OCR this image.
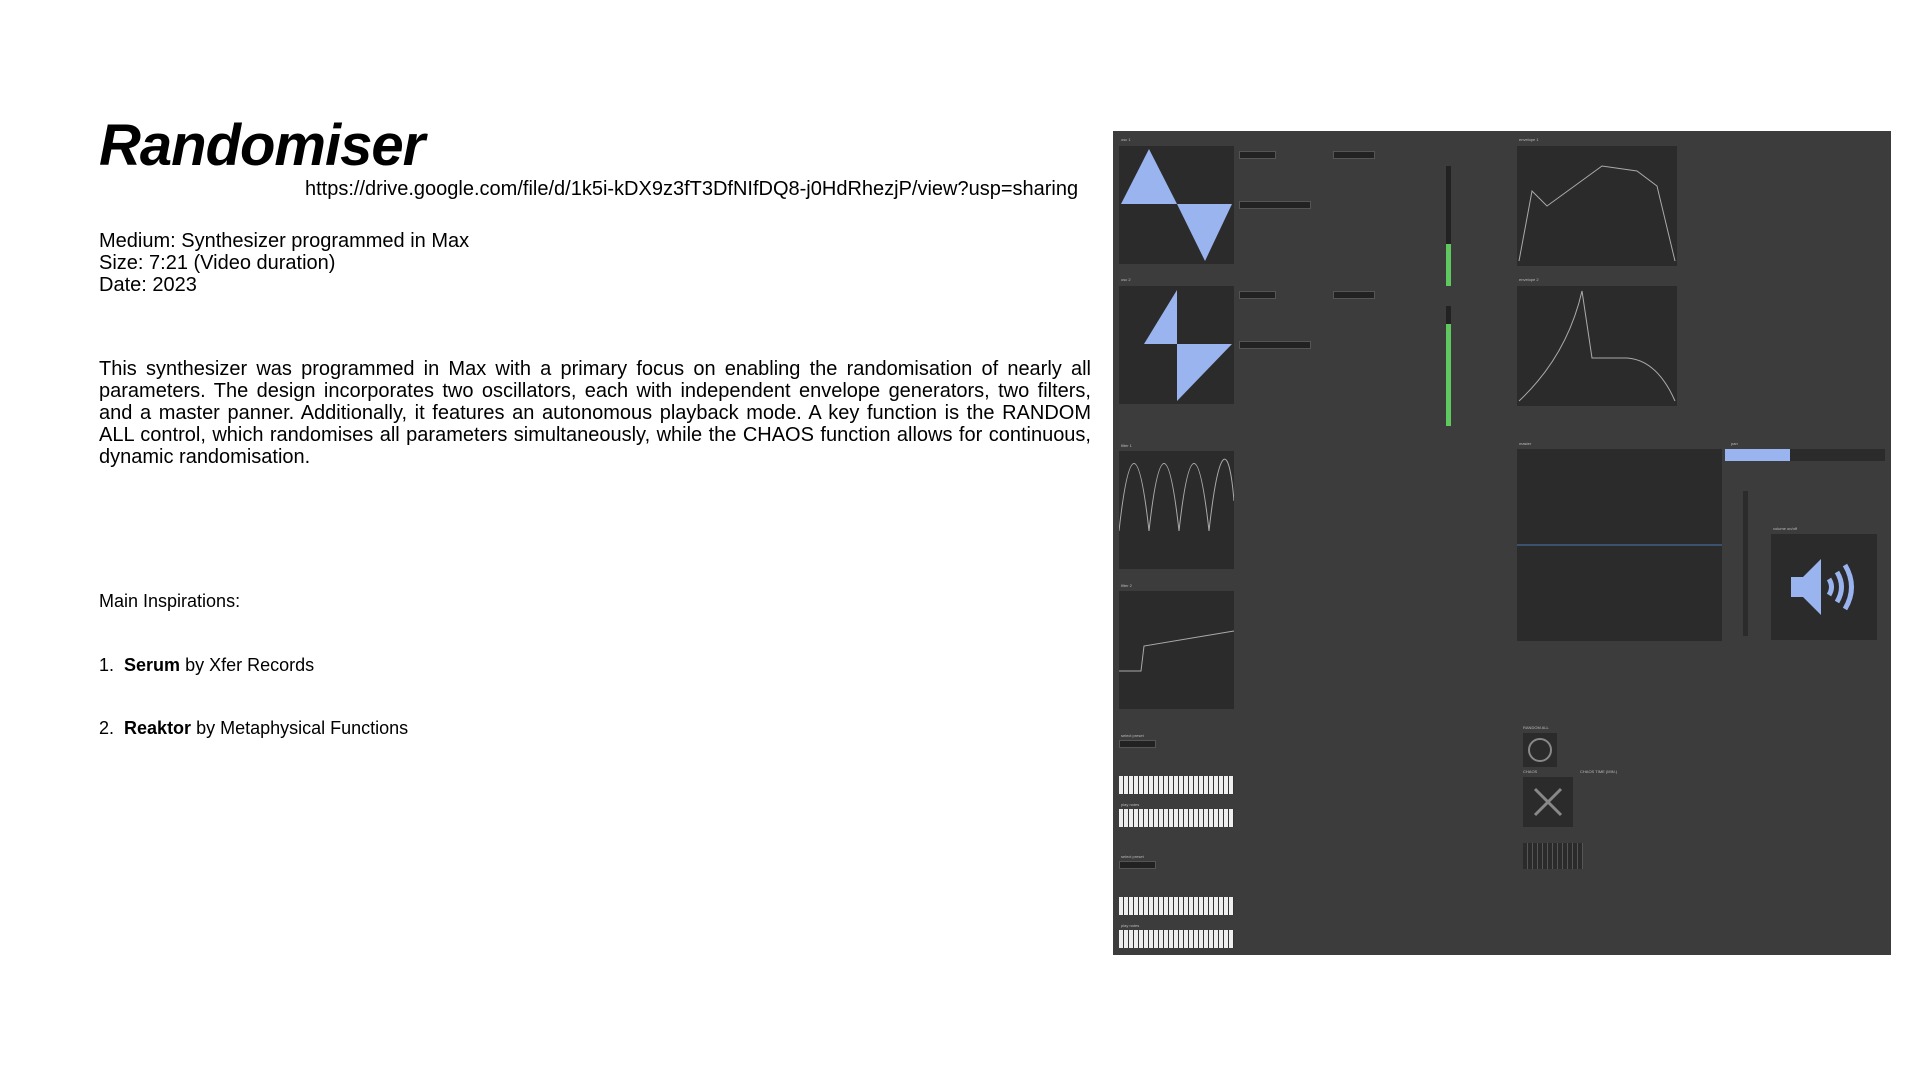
Randomiser
https://drive.google.com/file/d/1k5i-kDX9z3fT3DfNIfDQ8-j0HdRhezjP/view?usp=sharing
Medium: Synthesizer programmed in Max
Size: 7:21 (Video duration)
Date: 2023

This synthesizer was programmed in Max with a primary focus on enabling the randomisation of nearly all parameters. The design incorporates two oscillators, each with independent envelope generators, two filters, and a master panner. Additionally, it features an autonomous playback mode. A key function is the RANDOM ALL control, which randomises all parameters simultaneously, while the CHAOS function allows for continuous, dynamic randomisation.

Main Inspirations:
1. Serum by Xfer Records
2. Reaktor by Metaphysical Functions
osc 1
osc 2
envelope 1
envelope 2
filter 1
filter 2
master	pan
volume on/off
RANDOM ALL
CHAOS	CHAOS TIME (MIN.)
select preset
play notes
select preset
play notes
